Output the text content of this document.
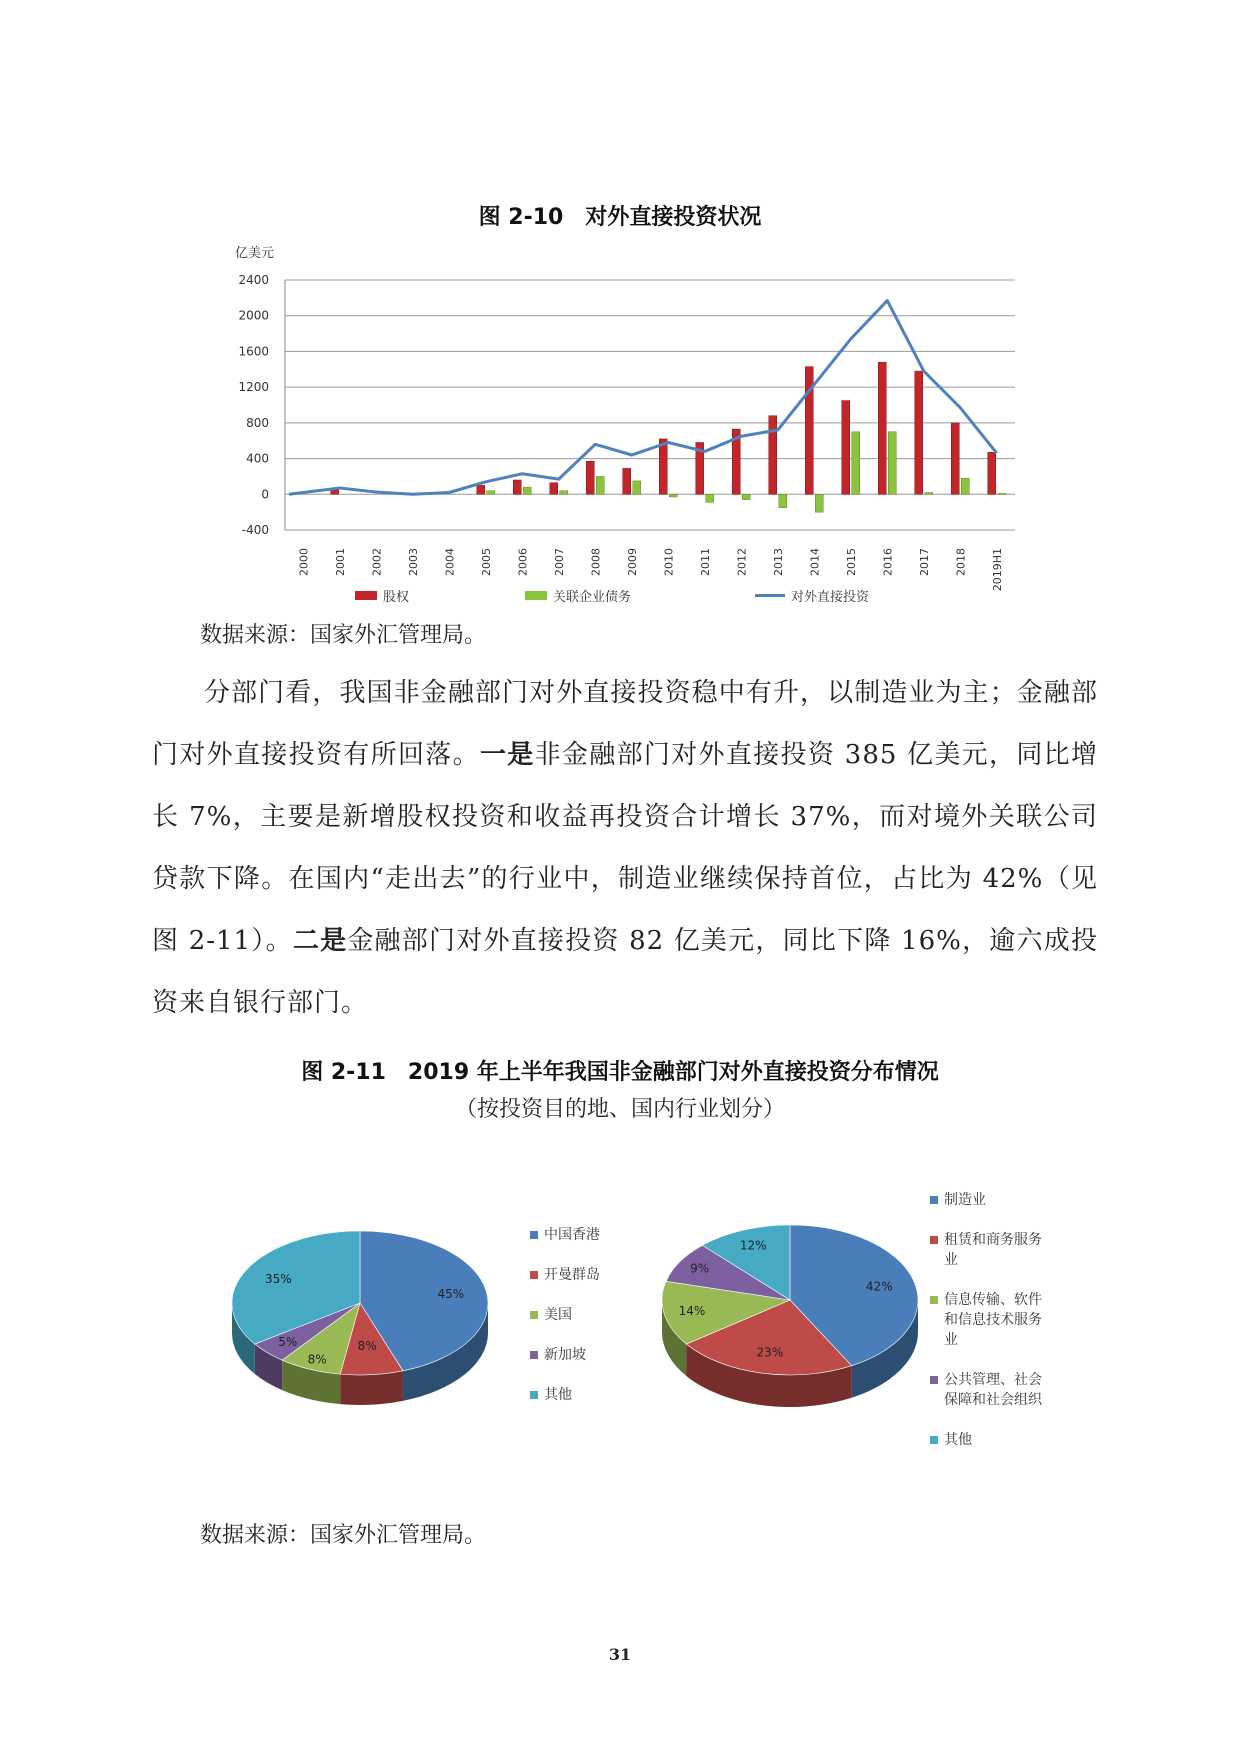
图 2-10　对外直接投资状况
亿美元
-400
0
400
800
1200
1600
2000
2400
2000 2001 2002 2003 2004 2005 2006 2007 2008 2009 2010 2011 2012 2013 2014 2015 2016 2017 2018 2019H1
股权	关联企业债务	对外直接投资
数据来源：国家外汇管理局。
分部门看，我国非金融部门对外直接投资稳中有升，以制造业为主；金融部门对外直接投资有所回落。一是非金融部门对外直接投资 385 亿美元，同比增长 7%，主要是新增股权投资和收益再投资合计增长 37%，而对境外关联公司贷款下降。在国内“走出去”的行业中，制造业继续保持首位，占比为 42%（见图 2-11）。二是金融部门对外直接投资 82 亿美元，同比下降 16%，逾六成投资来自银行部门。
图 2-11　2019 年上半年我国非金融部门对外直接投资分布情况
（按投资目的地、国内行业划分）
45%
8%
8%
5%
35%
中国香港
开曼群岛
美国
新加坡
其他
42%
23%
14%
9%
12%
制造业
租赁和商务服务业
信息传输、软件和信息技术服务业
公共管理、社会保障和社会组织
其他
数据来源：国家外汇管理局。
31
